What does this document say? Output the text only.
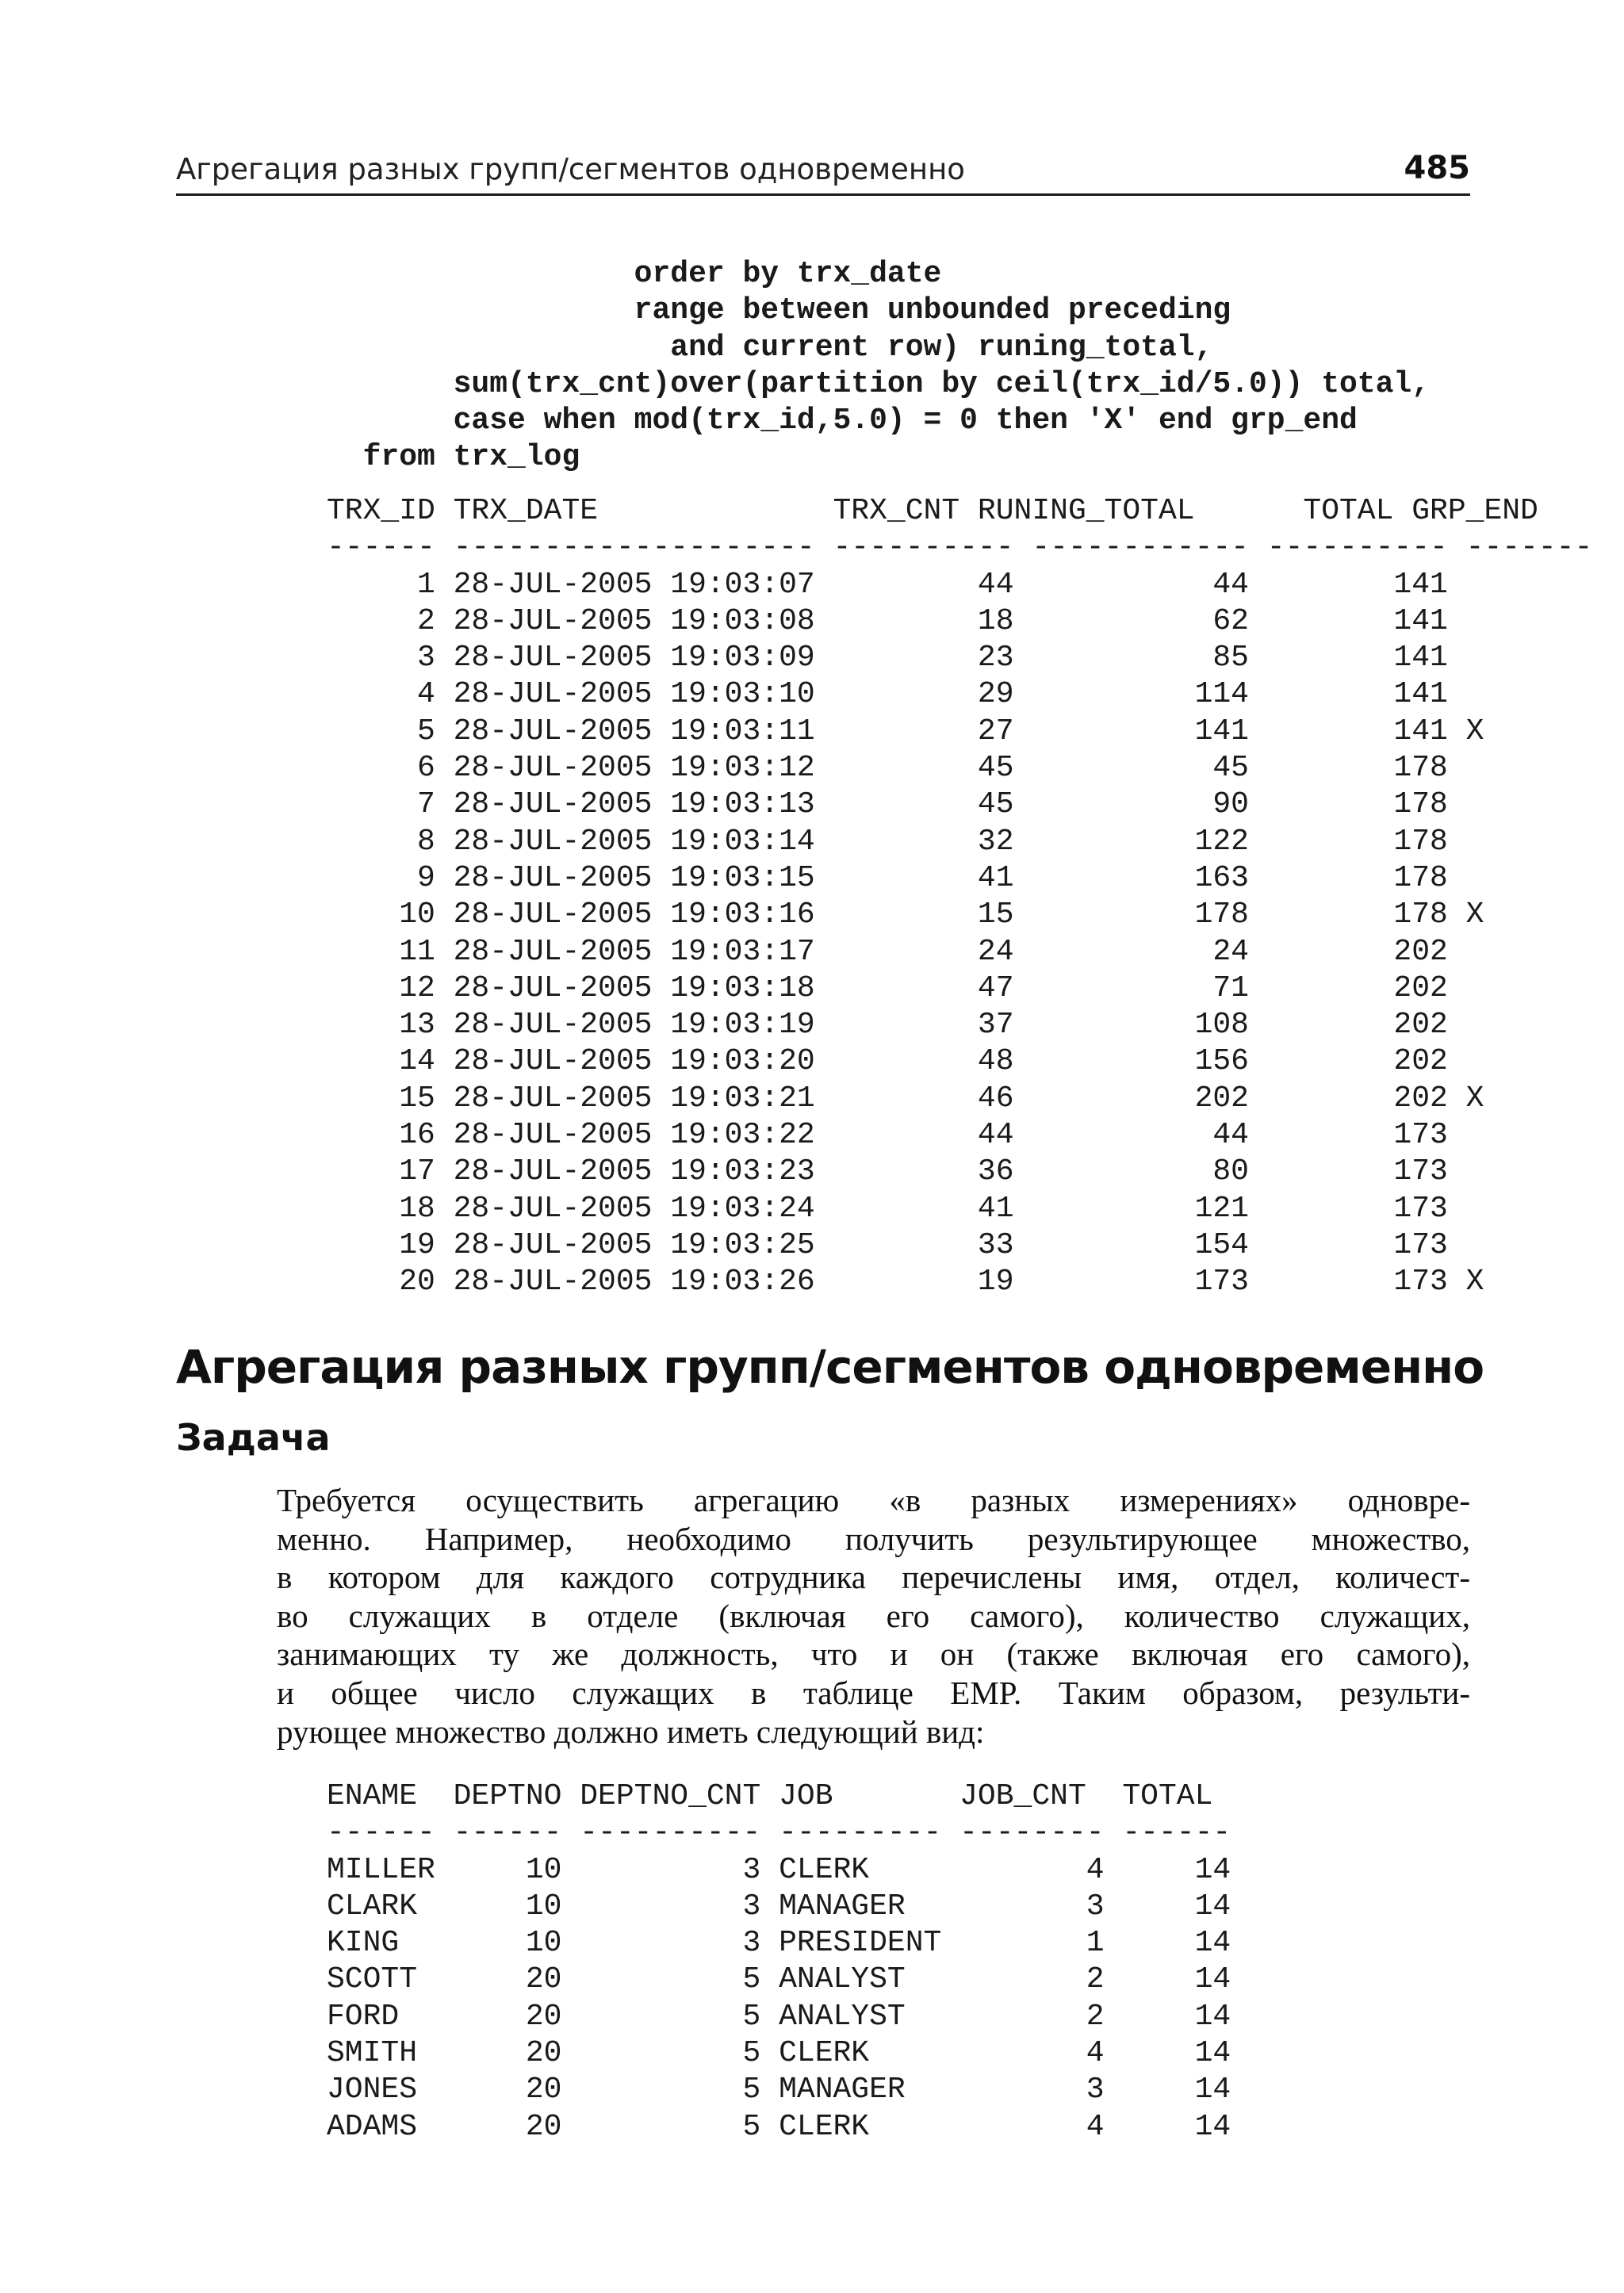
Агрегация разных групп/сегментов одновременно	485
order by trx_date
range between unbounded preceding
and current row) runing_total,
sum(trx_cnt)over(partition by ceil(trx_id/5.0)) total,
case when mod(trx_id,5.0) = 0 then 'X' end grp_end
from trx_log
TRX_ID TRX_DATE             TRX_CNT RUNING_TOTAL      TOTAL GRP_END
------ -------------------- ---------- ------------ ---------- -------
1 28-JUL-2005 19:03:07         44           44        141
2 28-JUL-2005 19:03:08         18           62        141
3 28-JUL-2005 19:03:09         23           85        141
4 28-JUL-2005 19:03:10         29          114        141
5 28-JUL-2005 19:03:11         27          141        141 X
6 28-JUL-2005 19:03:12         45           45        178
7 28-JUL-2005 19:03:13         45           90        178
8 28-JUL-2005 19:03:14         32          122        178
9 28-JUL-2005 19:03:15         41          163        178
10 28-JUL-2005 19:03:16         15          178        178 X
11 28-JUL-2005 19:03:17         24           24        202
12 28-JUL-2005 19:03:18         47           71        202
13 28-JUL-2005 19:03:19         37          108        202
14 28-JUL-2005 19:03:20         48          156        202
15 28-JUL-2005 19:03:21         46          202        202 X
16 28-JUL-2005 19:03:22         44           44        173
17 28-JUL-2005 19:03:23         36           80        173
18 28-JUL-2005 19:03:24         41          121        173
19 28-JUL-2005 19:03:25         33          154        173
20 28-JUL-2005 19:03:26         19          173        173 X
Агрегация разных групп/сегментов одновременно
Задача
Требуется осуществить агрегацию «в разных измерениях» одновре-
менно. Например, необходимо получить результирующее множество,
в котором для каждого сотрудника перечислены имя, отдел, количест-
во служащих в отделе (включая его самого), количество служащих,
занимающих ту же должность, что и он (также включая его самого),
и общее число служащих в таблице EMP. Таким образом, результи-
рующее множество должно иметь следующий вид:
ENAME  DEPTNO DEPTNO_CNT JOB       JOB_CNT  TOTAL
------ ------ ---------- --------- -------- ------
MILLER     10          3 CLERK            4     14
CLARK      10          3 MANAGER          3     14
KING       10          3 PRESIDENT        1     14
SCOTT      20          5 ANALYST          2     14
FORD       20          5 ANALYST          2     14
SMITH      20          5 CLERK            4     14
JONES      20          5 MANAGER          3     14
ADAMS      20          5 CLERK            4     14
